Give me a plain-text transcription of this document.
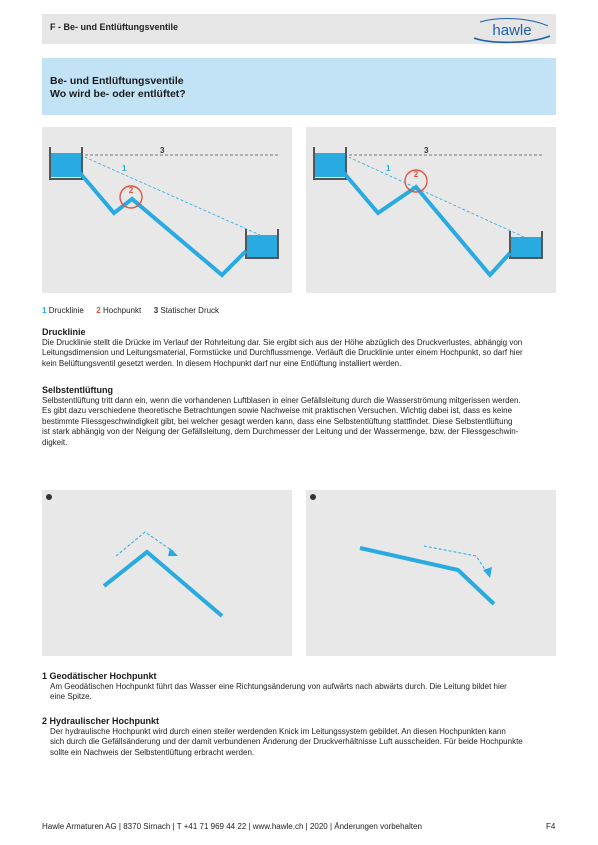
F - Be- und Entlüftungsventile	hawle
Be- und Entlüftungsventile
Wo wird be- oder entlüftet?
2
1
3
2
1
3
1 Drucklinie 2 Hochpunkt 3 Statischer Druck
Drucklinie
Die Drucklinie stellt die Drücke im Verlauf der Rohrleitung dar. Sie ergibt sich aus der Höhe abzüglich des Druckverlustes, abhängig von
Leitungsdimension und Leitungsmaterial, Formstücke und Durchflussmenge. Verläuft die Drucklinie unter einem Hochpunkt, so darf hier
kein Belüftungsventil gesetzt werden. In diesem Hochpunkt darf nur eine Entlüftung installiert werden.
Selbstentlüftung
Selbstentlüftung tritt dann ein, wenn die vorhandenen Luftblasen in einer Gefällsleitung durch die Wasserströmung mitgerissen werden.
Es gibt dazu verschiedene theoretische Betrachtungen sowie Nachweise mit praktischen Versuchen. Wichtig dabei ist, dass es keine
bestimmte Fliessgeschwindigkeit gibt, bei welcher gesagt werden kann, dass eine Selbstentlüftung stattfindet. Diese Selbstentlüftung
ist stark abhängig von der Neigung der Gefällsleitung, dem Durchmesser der Leitung und der Wassermenge, bzw. der Fliessgeschwin-
digkeit.
1 Geodätischer Hochpunkt
Am Geodätischen Hochpunkt führt das Wasser eine Richtungsänderung von aufwärts nach abwärts durch. Die Leitung bildet hier
eine Spitze.
2 Hydraulischer Hochpunkt
Der hydraulische Hochpunkt wird durch einen steiler werdenden Knick im Leitungssystem gebildet. An diesen Hochpunkten kann
sich durch die Gefällsänderung und der damit verbundenen Änderung der Druckverhältnisse Luft ausscheiden. Für beide Hochpunkte
sollte ein Nachweis der Selbstentlüftung erbracht werden.
Hawle Armaturen AG | 8370 Sirnach | T +41 71 969 44 22 | www.hawle.ch | 2020 | Änderungen vorbehalten	F4
